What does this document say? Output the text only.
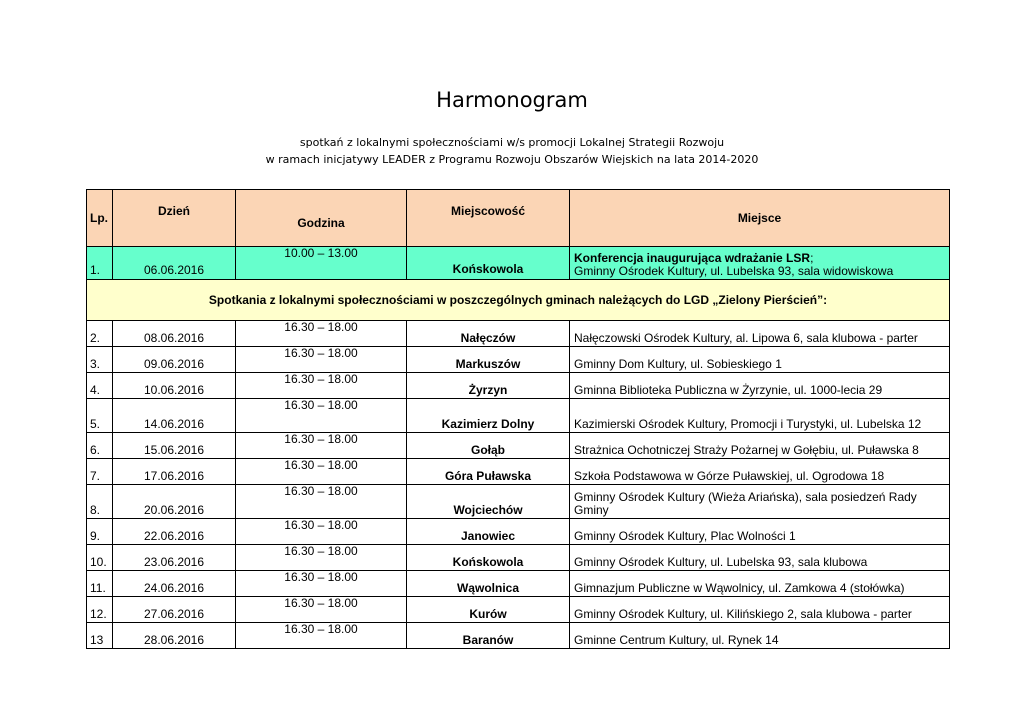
Harmonogram
spotkań z lokalnymi społecznościami w/s promocji Lokalnej Strategii Rozwoju
w ramach inicjatywy LEADER z Programu Rozwoju Obszarów Wiejskich na lata 2014-2020
Lp.	Dzień	Godzina	Miejscowość	Miejsce
1.	06.06.2016	10.00 – 13.00	Końskowola	Konferencja inaugurująca wdrażanie LSR;
Gminny Ośrodek Kultury, ul. Lubelska 93, sala widowiskowa
Spotkania z lokalnymi społecznościami w poszczególnych gminach należących do LGD „Zielony Pierścień”:				
2.	08.06.2016	16.30 – 18.00	Nałęczów	Nałęczowski Ośrodek Kultury, al. Lipowa 6, sala klubowa - parter
3.	09.06.2016	16.30 – 18.00	Markuszów	Gminny Dom Kultury, ul. Sobieskiego 1
4.	10.06.2016	16.30 – 18.00	Żyrzyn	Gminna Biblioteka Publiczna w Żyrzynie, ul. 1000-lecia 29
5.	14.06.2016	16.30 – 18.00	Kazimierz Dolny	Kazimierski Ośrodek Kultury, Promocji i Turystyki, ul. Lubelska 12
6.	15.06.2016	16.30 – 18.00	Gołąb	Strażnica Ochotniczej Straży Pożarnej w Gołębiu, ul. Puławska 8
7.	17.06.2016	16.30 – 18.00	Góra Puławska	Szkoła Podstawowa w Górze Puławskiej, ul. Ogrodowa 18
8.	20.06.2016	16.30 – 18.00	Wojciechów	Gminny Ośrodek Kultury (Wieża Ariańska), sala posiedzeń Rady Gminy
9.	22.06.2016	16.30 – 18.00	Janowiec	Gminny Ośrodek Kultury, Plac Wolności 1
10.	23.06.2016	16.30 – 18.00	Końskowola	Gminny Ośrodek Kultury, ul. Lubelska 93, sala klubowa
11.	24.06.2016	16.30 – 18.00	Wąwolnica	Gimnazjum Publiczne w Wąwolnicy, ul. Zamkowa 4 (stołówka)
12.	27.06.2016	16.30 – 18.00	Kurów	Gminny Ośrodek Kultury, ul. Kilińskiego 2, sala klubowa - parter
13	28.06.2016	16.30 – 18.00	Baranów	Gminne Centrum Kultury, ul. Rynek 14
